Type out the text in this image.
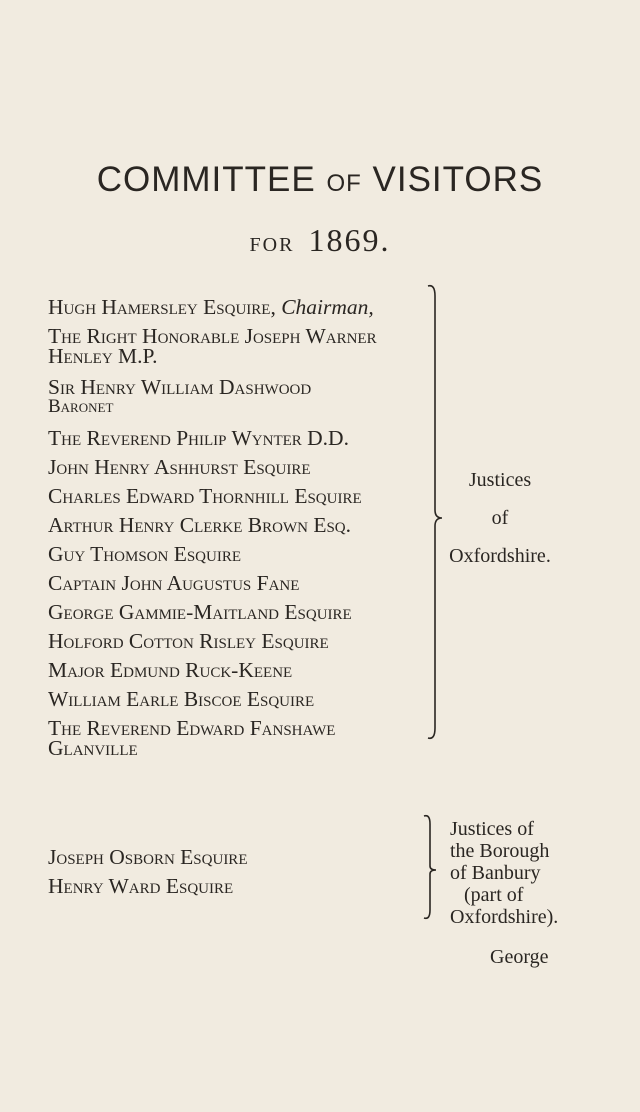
COMMITTEE OF VISITORS
FOR 1869.
Hugh Hamersley Esquire, Chairman,
The Right Honorable Joseph Warner
Henley M.P.
Sir Henry William Dashwood
Baronet
The Reverend Philip Wynter D.D.
John Henry Ashhurst Esquire
Charles Edward Thornhill Esquire
Arthur Henry Clerke Brown Esq.
Guy Thomson Esquire
Captain John Augustus Fane
George Gammie-Maitland Esquire
Holford Cotton Risley Esquire
Major Edmund Ruck-Keene
William Earle Biscoe Esquire
The Reverend Edward Fanshawe
Glanville
Justices
of
Oxfordshire.
Joseph Osborn Esquire
Henry Ward Esquire
Justices of
the Borough
of Banbury
(part of
Oxfordshire).
George
